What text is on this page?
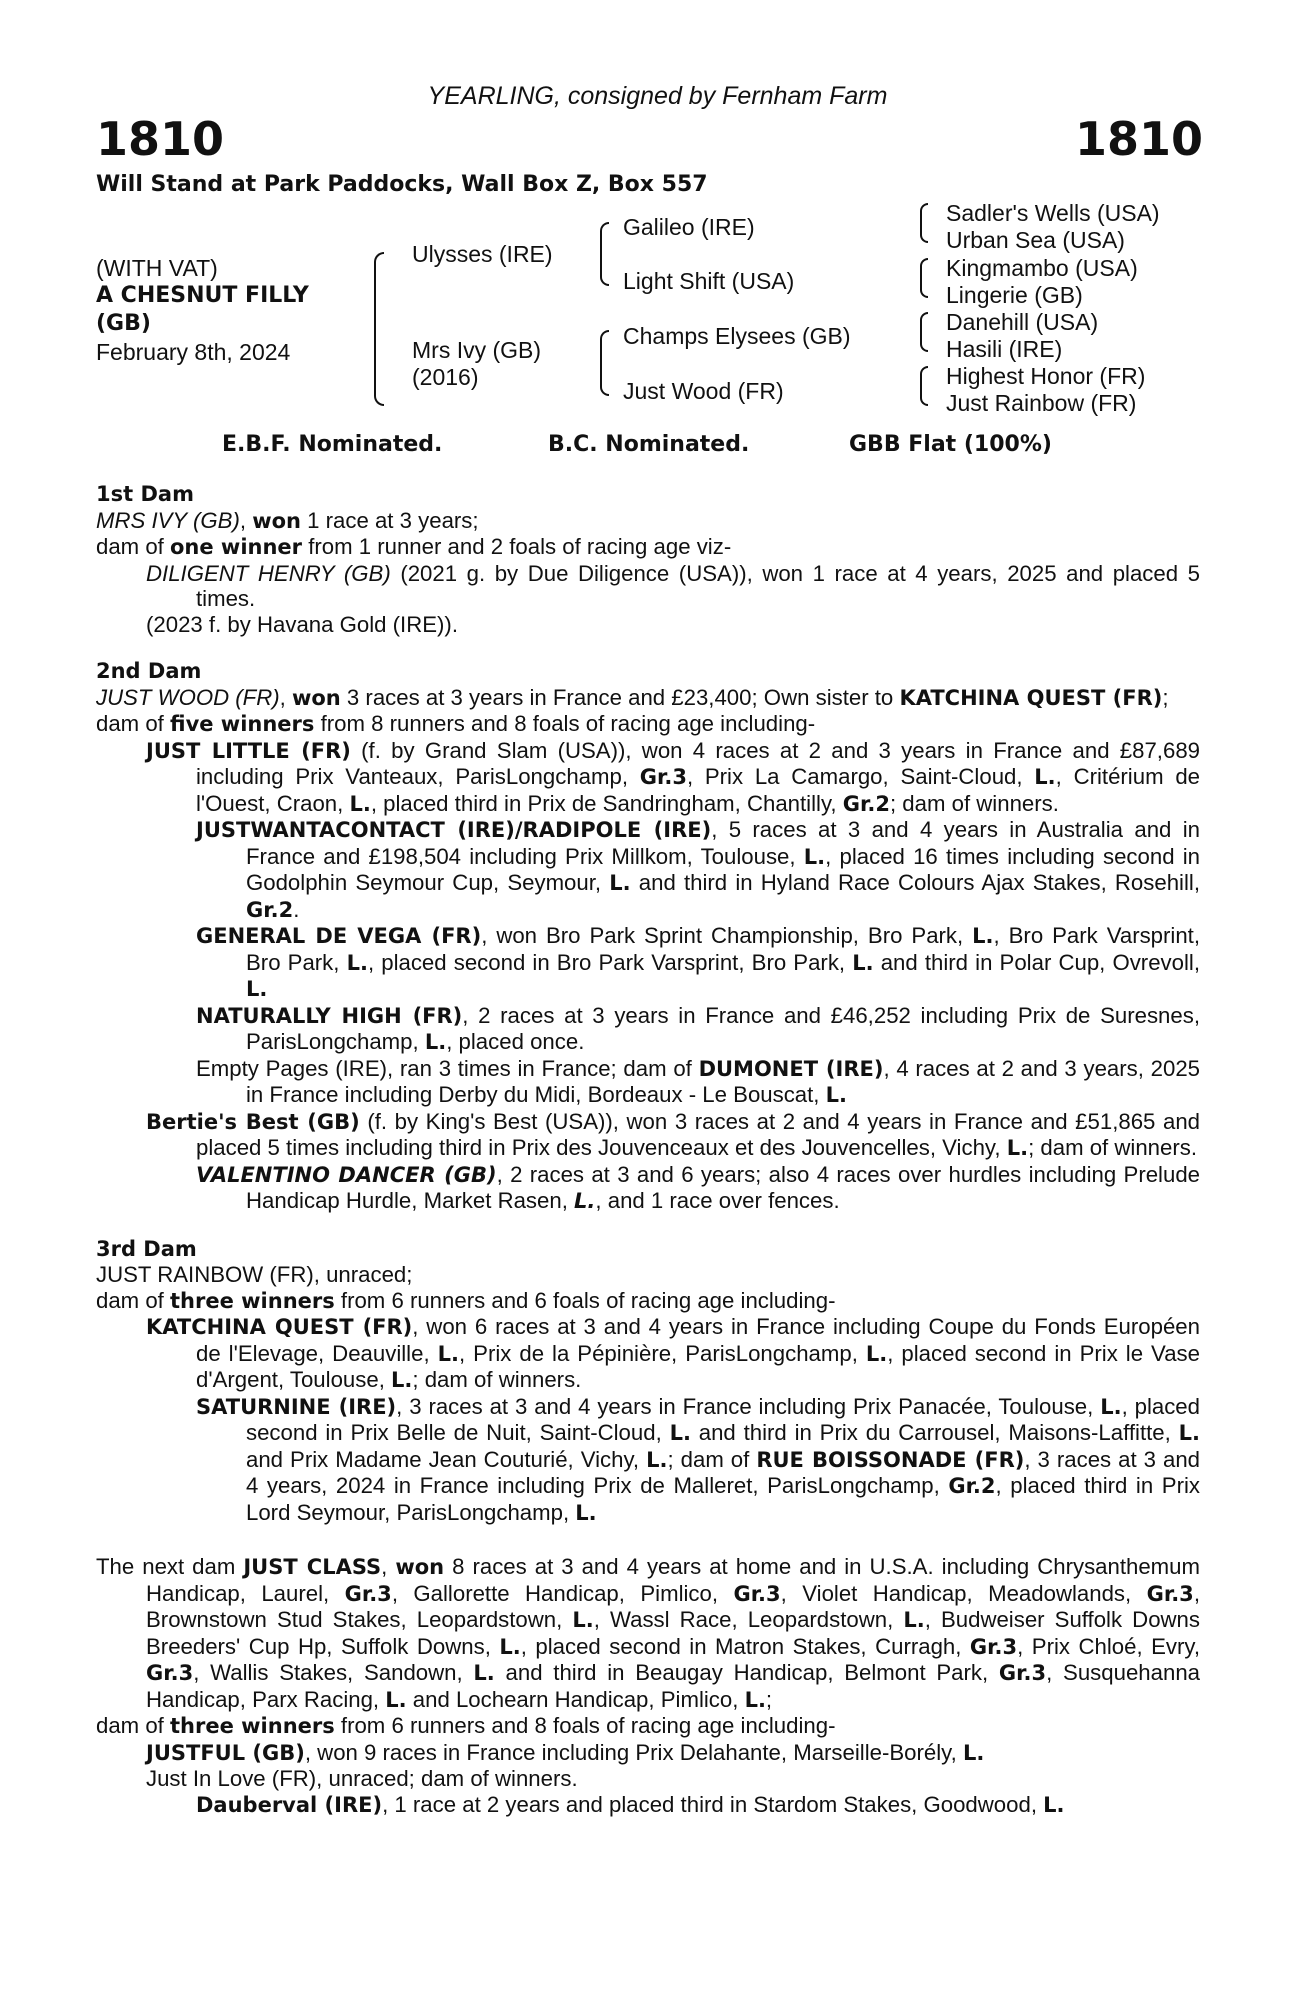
YEARLING, consigned by Fernham Farm
1810	1810
Will Stand at Park Paddocks, Wall Box Z, Box 557
(WITH VAT)
A CHESNUT FILLY
(GB)
February 8th, 2024
Ulysses (IRE)
Mrs Ivy (GB)
(2016)
Galileo (IRE)
Light Shift (USA)
Champs Elysees (GB)
Just Wood (FR)
Sadler's Wells (USA)
Urban Sea (USA)
Kingmambo (USA)
Lingerie (GB)
Danehill (USA)
Hasili (IRE)
Highest Honor (FR)
Just Rainbow (FR)
E.B.F. Nominated.	B.C. Nominated.	GBB Flat (100%)

1st Dam

MRS IVY (GB), won 1 race at 3 years;

dam of one winner from 1 runner and 2 foals of racing age viz-

DILIGENT HENRY (GB) (2021 g. by Due Diligence (USA)), won 1 race at 4 years, 2025 and placed 5 times.

(2023 f. by Havana Gold (IRE)).

2nd Dam

JUST WOOD (FR), won 3 races at 3 years in France and £23,400; Own sister to KATCHINA QUEST (FR);

dam of five winners from 8 runners and 8 foals of racing age including-

JUST LITTLE (FR) (f. by Grand Slam (USA)), won 4 races at 2 and 3 years in France and £87,689 including Prix Vanteaux, ParisLongchamp, Gr.3, Prix La Camargo, Saint-Cloud, L., Critérium de l'Ouest, Craon, L., placed third in Prix de Sandringham, Chantilly, Gr.2; dam of winners.

JUSTWANTACONTACT (IRE)/RADIPOLE (IRE), 5 races at 3 and 4 years in Australia and in France and £198,504 including Prix Millkom, Toulouse, L., placed 16 times including second in Godolphin Seymour Cup, Seymour, L. and third in Hyland Race Colours Ajax Stakes, Rosehill, Gr.2.

GENERAL DE VEGA (FR), won Bro Park Sprint Championship, Bro Park, L., Bro Park Varsprint, Bro Park, L., placed second in Bro Park Varsprint, Bro Park, L. and third in Polar Cup, Ovrevoll, L.

NATURALLY HIGH (FR), 2 races at 3 years in France and £46,252 including Prix de Suresnes, ParisLongchamp, L., placed once.

Empty Pages (IRE), ran 3 times in France; dam of DUMONET (IRE), 4 races at 2 and 3 years, 2025 in France including Derby du Midi, Bordeaux - Le Bouscat, L.

Bertie's Best (GB) (f. by King's Best (USA)), won 3 races at 2 and 4 years in France and £51,865 and placed 5 times including third in Prix des Jouvenceaux et des Jouvencelles, Vichy, L.; dam of winners.

VALENTINO DANCER (GB), 2 races at 3 and 6 years; also 4 races over hurdles including Prelude Handicap Hurdle, Market Rasen, L., and 1 race over fences.

3rd Dam

JUST RAINBOW (FR), unraced;

dam of three winners from 6 runners and 6 foals of racing age including-

KATCHINA QUEST (FR), won 6 races at 3 and 4 years in France including Coupe du Fonds Européen de l'Elevage, Deauville, L., Prix de la Pépinière, ParisLongchamp, L., placed second in Prix le Vase d'Argent, Toulouse, L.; dam of winners.

SATURNINE (IRE), 3 races at 3 and 4 years in France including Prix Panacée, Toulouse, L., placed second in Prix Belle de Nuit, Saint-Cloud, L. and third in Prix du Carrousel, Maisons-Laffitte, L. and Prix Madame Jean Couturié, Vichy, L.; dam of RUE BOISSONADE (FR), 3 races at 3 and 4 years, 2024 in France including Prix de Malleret, ParisLongchamp, Gr.2, placed third in Prix Lord Seymour, ParisLongchamp, L.

The next dam JUST CLASS, won 8 races at 3 and 4 years at home and in U.S.A. including Chrysanthemum Handicap, Laurel, Gr.3, Gallorette Handicap, Pimlico, Gr.3, Violet Handicap, Meadowlands, Gr.3, Brownstown Stud Stakes, Leopardstown, L., Wassl Race, Leopardstown, L., Budweiser Suffolk Downs Breeders' Cup Hp, Suffolk Downs, L., placed second in Matron Stakes, Curragh, Gr.3, Prix Chloé, Evry, Gr.3, Wallis Stakes, Sandown, L. and third in Beaugay Handicap, Belmont Park, Gr.3, Susquehanna Handicap, Parx Racing, L. and Lochearn Handicap, Pimlico, L.;

dam of three winners from 6 runners and 8 foals of racing age including-

JUSTFUL (GB), won 9 races in France including Prix Delahante, Marseille-Borély, L.

Just In Love (FR), unraced; dam of winners.

Dauberval (IRE), 1 race at 2 years and placed third in Stardom Stakes, Goodwood, L.
